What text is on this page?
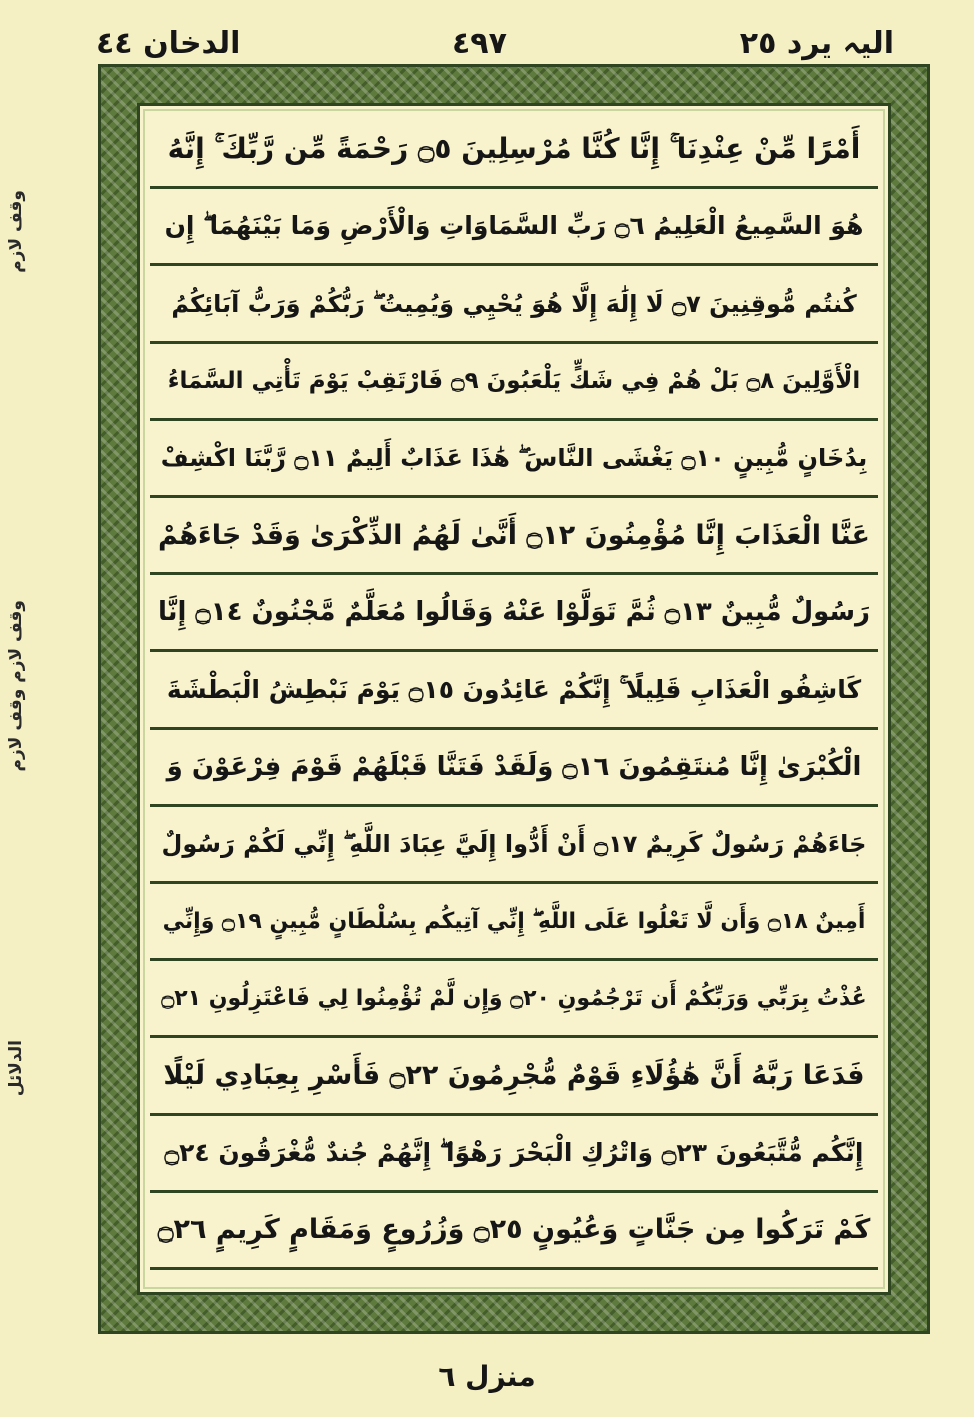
الیہ یرد ٢٥
٤٩٧
الدخان ٤٤
وقف لازم
وقف لازم وقف لازم
الدلائل
أَمْرًا مِّنْ عِنْدِنَا ۚ إِنَّا كُنَّا مُرْسِلِينَ ۝٥ رَحْمَةً مِّن رَّبِّكَ ۚ إِنَّهُ
هُوَ السَّمِيعُ الْعَلِيمُ ۝٦ رَبِّ السَّمَاوَاتِ وَالْأَرْضِ وَمَا بَيْنَهُمَا ۖ إِن
كُنتُم مُّوقِنِينَ ۝٧ لَا إِلَٰهَ إِلَّا هُوَ يُحْيِي وَيُمِيتُ ۖ رَبُّكُمْ وَرَبُّ آبَائِكُمُ
الْأَوَّلِينَ ۝٨ بَلْ هُمْ فِي شَكٍّ يَلْعَبُونَ ۝٩ فَارْتَقِبْ يَوْمَ تَأْتِي السَّمَاءُ
بِدُخَانٍ مُّبِينٍ ۝١٠ يَغْشَى النَّاسَ ۖ هَٰذَا عَذَابٌ أَلِيمٌ ۝١١ رَّبَّنَا اكْشِفْ
عَنَّا الْعَذَابَ إِنَّا مُؤْمِنُونَ ۝١٢ أَنَّىٰ لَهُمُ الذِّكْرَىٰ وَقَدْ جَاءَهُمْ
رَسُولٌ مُّبِينٌ ۝١٣ ثُمَّ تَوَلَّوْا عَنْهُ وَقَالُوا مُعَلَّمٌ مَّجْنُونٌ ۝١٤ إِنَّا
كَاشِفُو الْعَذَابِ قَلِيلًا ۚ إِنَّكُمْ عَائِدُونَ ۝١٥ يَوْمَ نَبْطِشُ الْبَطْشَةَ
الْكُبْرَىٰ إِنَّا مُنتَقِمُونَ ۝١٦ وَلَقَدْ فَتَنَّا قَبْلَهُمْ قَوْمَ فِرْعَوْنَ وَ
جَاءَهُمْ رَسُولٌ كَرِيمٌ ۝١٧ أَنْ أَدُّوا إِلَيَّ عِبَادَ اللَّهِ ۖ إِنِّي لَكُمْ رَسُولٌ
أَمِينٌ ۝١٨ وَأَن لَّا تَعْلُوا عَلَى اللَّهِ ۖ إِنِّي آتِيكُم بِسُلْطَانٍ مُّبِينٍ ۝١٩ وَإِنِّي
عُذْتُ بِرَبِّي وَرَبِّكُمْ أَن تَرْجُمُونِ ۝٢٠ وَإِن لَّمْ تُؤْمِنُوا لِي فَاعْتَزِلُونِ ۝٢١
فَدَعَا رَبَّهُ أَنَّ هَٰؤُلَاءِ قَوْمٌ مُّجْرِمُونَ ۝٢٢ فَأَسْرِ بِعِبَادِي لَيْلًا
إِنَّكُم مُّتَّبَعُونَ ۝٢٣ وَاتْرُكِ الْبَحْرَ رَهْوًا ۖ إِنَّهُمْ جُندٌ مُّغْرَقُونَ ۝٢٤
كَمْ تَرَكُوا مِن جَنَّاتٍ وَعُيُونٍ ۝٢٥ وَزُرُوعٍ وَمَقَامٍ كَرِيمٍ ۝٢٦
منزل ٦
